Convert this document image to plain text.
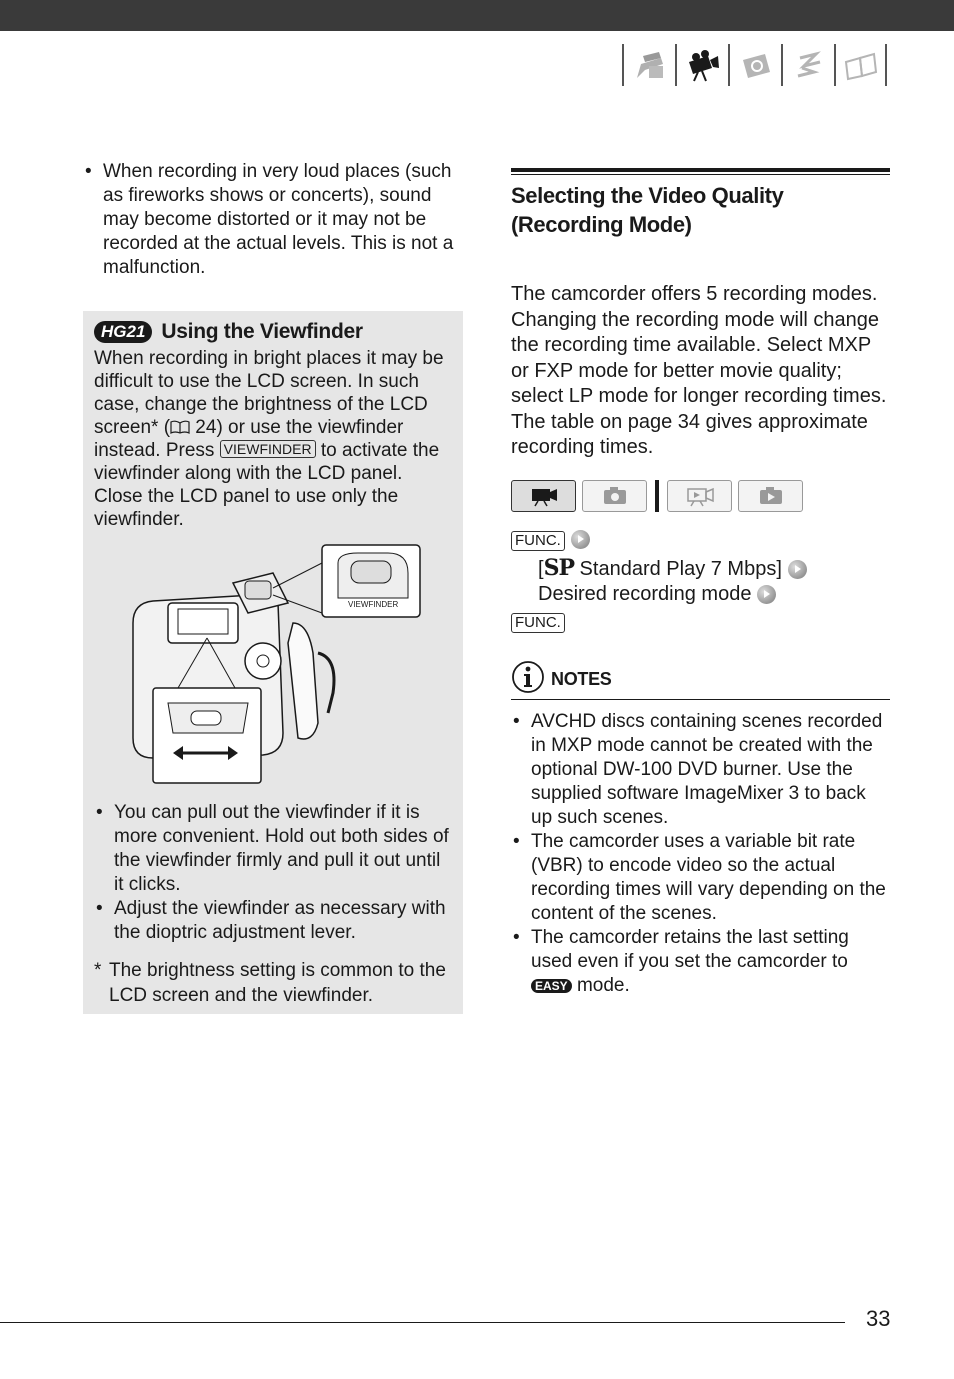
• When recording in very loud places (such as fireworks shows or concerts), sound may become distorted or it may not be recorded at the actual levels. This is not a malfunction.
HG21 Using the Viewfinder
When recording in bright places it may be difficult to use the LCD screen. In such case, change the brightness of the LCD screen* ( 24) or use the viewfinder instead. Press VIEWFINDER to activate the viewfinder along with the LCD panel. Close the LCD panel to use only the viewfinder.
VIEWFINDER
• You can pull out the viewfinder if it is more convenient. Hold out both sides of the viewfinder firmly and pull it out until it clicks.
• Adjust the viewfinder as necessary with the dioptric adjustment lever.
* The brightness setting is common to the LCD screen and the viewfinder.
Selecting the Video Quality
(Recording Mode)
The camcorder offers 5 recording modes. Changing the recording mode will change the recording time available. Select MXP or FXP mode for better movie quality; select LP mode for longer recording times. The table on page 34 gives approximate recording times.
FUNC.
[SP Standard Play 7 Mbps]
Desired recording mode
FUNC.
NOTES
• AVCHD discs containing scenes recorded in MXP mode cannot be created with the optional DW-100 DVD burner. Use the supplied software ImageMixer 3 to back up such scenes.
• The camcorder uses a variable bit rate (VBR) to encode video so the actual recording times will vary depending on the content of the scenes.
• The camcorder retains the last setting used even if you set the camcorder to EASY mode.
33
